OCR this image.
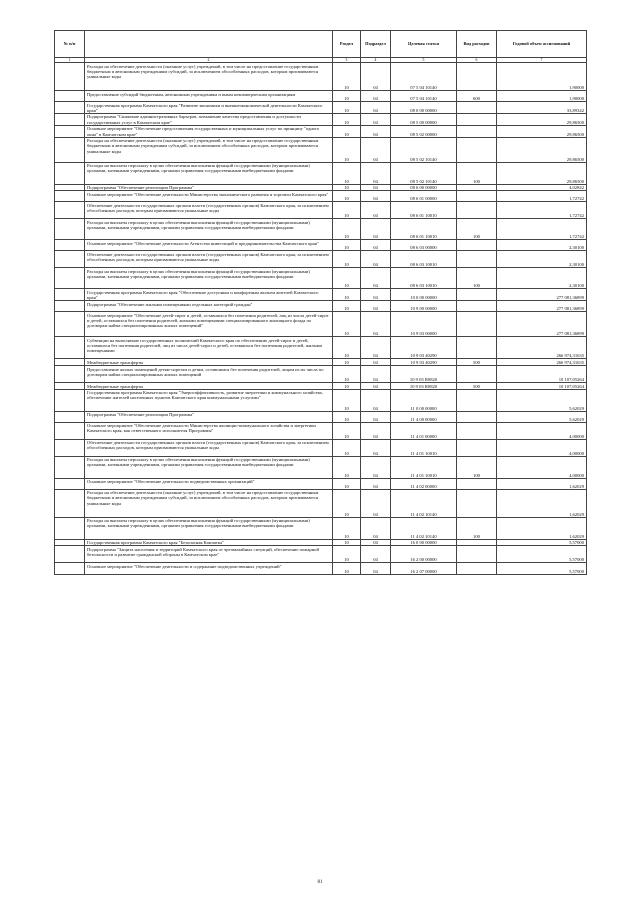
№ п/п		Раздел	Подраздел	Целевая статья	Вид расходов	Годовой объем ассигнований
1	2	3	4	5	6	7
	Расходы на обеспечение деятельности (оказание услуг) учреждений, в том числе на предоставление государственным бюджетным и автономным учреждениям субсидий, за исключением обособленных расходов, которым присваиваются уникальные коды	10	04	07 5 04 10140		1,90000
	Предоставление субсидий бюджетным, автономным учреждениям и иным некоммерческим организациям	10	04	07 5 04 10140	600	1,90000
	Государственная программа Камчатского края "Развитие экономики и внешнеэкономической деятельности Камчатского края"	10	04	08 0 00 00000		33,89342
	Подпрограмма "Снижение административных барьеров, повышение качества предоставления и доступности государственных услуг в Камчатском крае"	10	04	08 5 00 00000		29,86500
	Основное мероприятие "Обеспечение предоставления государственных и муниципальных услуг по принципу "одного окна" в Камчатском крае"	10	04	08 5 02 00000		29,86500
	Расходы на обеспечение деятельности (оказание услуг) учреждений, в том числе на предоставление государственным бюджетным и автономным учреждениям субсидий, за исключением обособленных расходов, которым присваиваются уникальные коды	10	04	08 5 02 10140		29,86500
	Расходы на выплаты персоналу в целях обеспечения выполнения функций государственными (муниципальными) органами, казенными учреждениями, органами управления государственными внебюджетными фондами	10	04	08 5 02 10140	100	29,86500
	Подпрограмма "Обеспечение реализации Программы"	10	04	08 6 00 00000		4,02842
	Основное мероприятие "Обеспечение деятельности Министерства экономического развития и торговли Камчатского края"	10	04	08 6 01 00000		1,72742
	Обеспечение деятельности государственных органов власти (государственных органов) Камчатского края, за исключением обособленных расходов, которым присваиваются уникальные коды	10	04	08 6 01 10010		1,72742
	Расходы на выплаты персоналу в целях обеспечения выполнения функций государственными (муниципальными) органами, казенными учреждениями, органами управления государственными внебюджетными фондами	10	04	08 6 01 10010	100	1,72742
	Основное мероприятие "Обеспечение деятельности Агентства инвестиций и предпринимательства Камчатского края"	10	04	08 6 03 00000		2,30100
	Обеспечение деятельности государственных органов власти (государственных органов) Камчатского края, за исключением обособленных расходов, которым присваиваются уникальные коды	10	04	08 6 03 10010		2,30100
	Расходы на выплаты персоналу в целях обеспечения выполнения функций государственными (муниципальными) органами, казенными учреждениями, органами управления государственными внебюджетными фондами	10	04	08 6 03 10010	100	2,30100
	Государственная программа Камчатского края "Обеспечение доступным и комфортным жильем жителей Камчатского края"	10	04	10 0 00 00000		277 081,36899
	Подпрограмма "Обеспечение жилыми помещениями отдельных категорий граждан"	10	04	10 9 00 00000		277 081,36899
	Основное мероприятие "Обеспечение детей-сирот и детей, оставшихся без попечения родителей, лиц из числа детей-сирот и детей, оставшихся без попечения родителей, жилыми помещениями специализированного жилищного фонда по договорам найма специализированных жилых помещений"	10	04	10 9 03 00000		277 081,36899
	Субвенции на выполнение государственных полномочий Камчатского края по обеспечению детей-сирот и детей, оставшихся без попечения родителей, лиц из числа детей-сирот и детей, оставшихся без попечения родителей, жилыми помещениями	10	04	10 9 03 40290		266 974,31635
	Межбюджетные трансферты	10	04	10 9 03 40290	500	266 974,31635
	Предоставление жилых помещений детям-сиротам и детям, оставшимся без попечения родителей, лицам из их числа по договорам найма специализированных жилых помещений	10	04	10 9 03 R0820		10 107,05264
	Межбюджетные трансферты	10	04	10 9 03 R0820	500	10 107,05264
	Государственная программа Камчатского края "Энергоэффективность, развитие энергетики и коммунального хозяйства, обеспечение жителей населенных пунктов Камчатского края коммунальными услугами"	10	04	11 0 00 00000		5,62029
	Подпрограмма "Обеспечение реализации Программы"	10	04	11 4 00 00000		5,62029
	Основное мероприятие "Обеспечение деятельности Министерства жилищно-коммунального хозяйства и энергетики Камчатского края, как ответственного исполнителя Программы"	10	04	11 4 01 00000		4,00000
	Обеспечение деятельности государственных органов власти (государственных органов) Камчатского края, за исключением обособленных расходов, которым присваиваются уникальные коды	10	04	11 4 01 10010		4,00000
	Расходы на выплаты персоналу в целях обеспечения выполнения функций государственными (муниципальными) органами, казенными учреждениями, органами управления государственными внебюджетными фондами	10	04	11 4 01 10010	100	4,00000
	Основное мероприятие "Обеспечение деятельности подведомственных организаций"	10	04	11 4 02 00000		1,62029
	Расходы на обеспечение деятельности (оказание услуг) учреждений, в том числе на предоставление государственным бюджетным и автономным учреждениям субсидий, за исключением обособленных расходов, которым присваиваются уникальные коды	10	04	11 4 02 10140		1,62029
	Расходы на выплаты персоналу в целях обеспечения выполнения функций государственными (муниципальными) органами, казенными учреждениями, органами управления государственными внебюджетными фондами	10	04	11 4 02 10140	100	1,62029
	Государственная программа Камчатского края "Безопасная Камчатка"	10	04	16 0 00 00000		5,57000
	Подпрограмма "Защита населения и территорий Камчатского края от чрезвычайных ситуаций, обеспечение пожарной безопасности и развитие гражданской обороны в Камчатском крае"	10	04	16 2 00 00000		5,57000
	Основное мероприятие "Обеспечение деятельности и содержание подведомственных учреждений"	10	04	16 2 07 00000		5,57000
81
